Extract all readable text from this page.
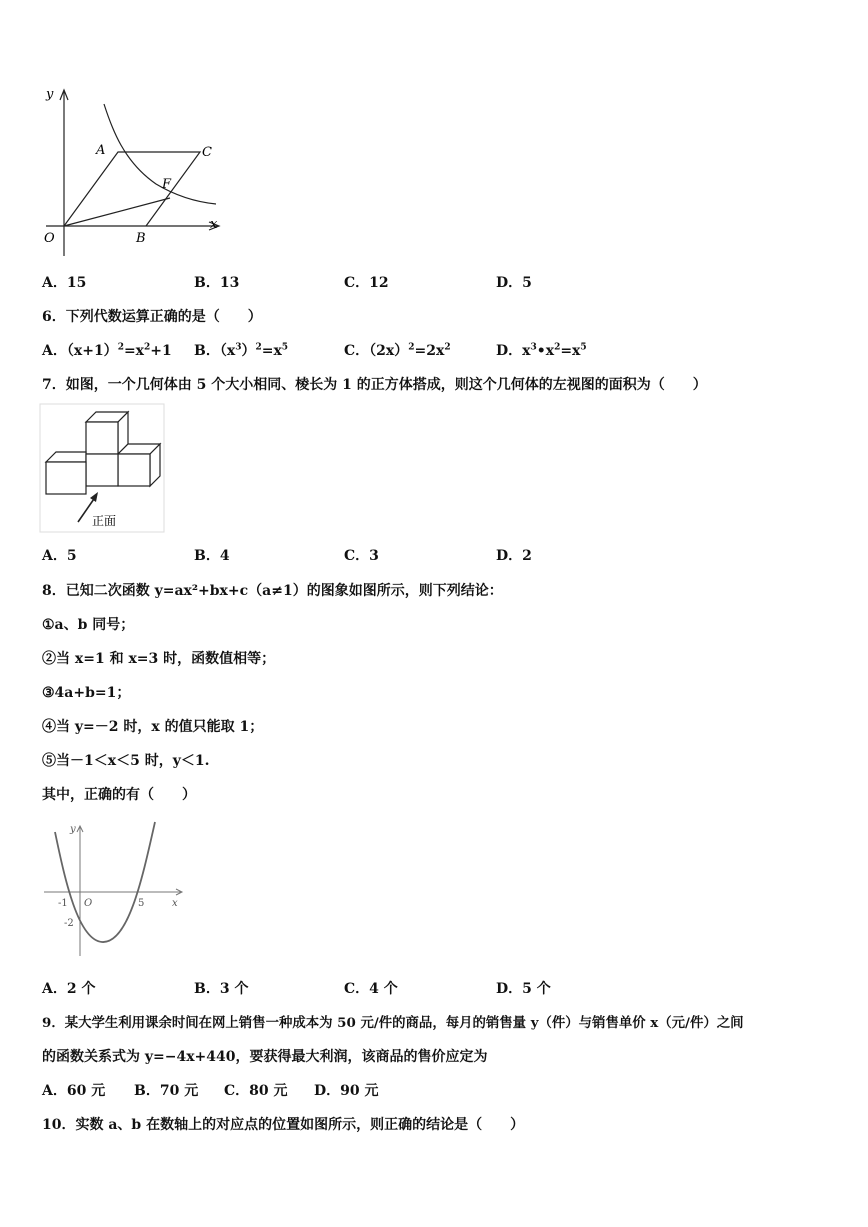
y
x
O
A	C
F
B
A．15	B．13	C．12	D．5
6．下列代数运算正确的是（　　）
A．$(x+1)^2=x^2+1$ B．$(x^3)^2=x^5$	C．$(2x)^2=2x^2$	D．$x^3•x^2=x^5$
7．如图，一个几何体由 5 个大小相同、棱长为 1 的正方体搭成，则这个几何体的左视图的面积为（　　）
正面
A．5	B．4	C．3	D．2
8．已知二次函数 y=ax²+bx+c（a≠1）的图象如图所示，则下列结论：
①a、b 同号；
②当 x=1 和 x=3 时，函数值相等；
③4a+b=1；
④当 y=－2 时，x 的值只能取 1；
⑤当－1＜x＜5 时，y＜1.
其中，正确的有（　　）
y
x
O
-1	5
-2
A．2 个	B．3 个	C．4 个	D．5 个
9．某大学生利用课余时间在网上销售一种成本为 50 元/件的商品，每月的销售量 y（件）与销售单价 x（元/件）之间
的函数关系式为 y=−4x+440，要获得最大利润，该商品的售价应定为
A．60 元 B．70 元 C．80 元 D．90 元
10．实数 a、b 在数轴上的对应点的位置如图所示，则正确的结论是（　　）
